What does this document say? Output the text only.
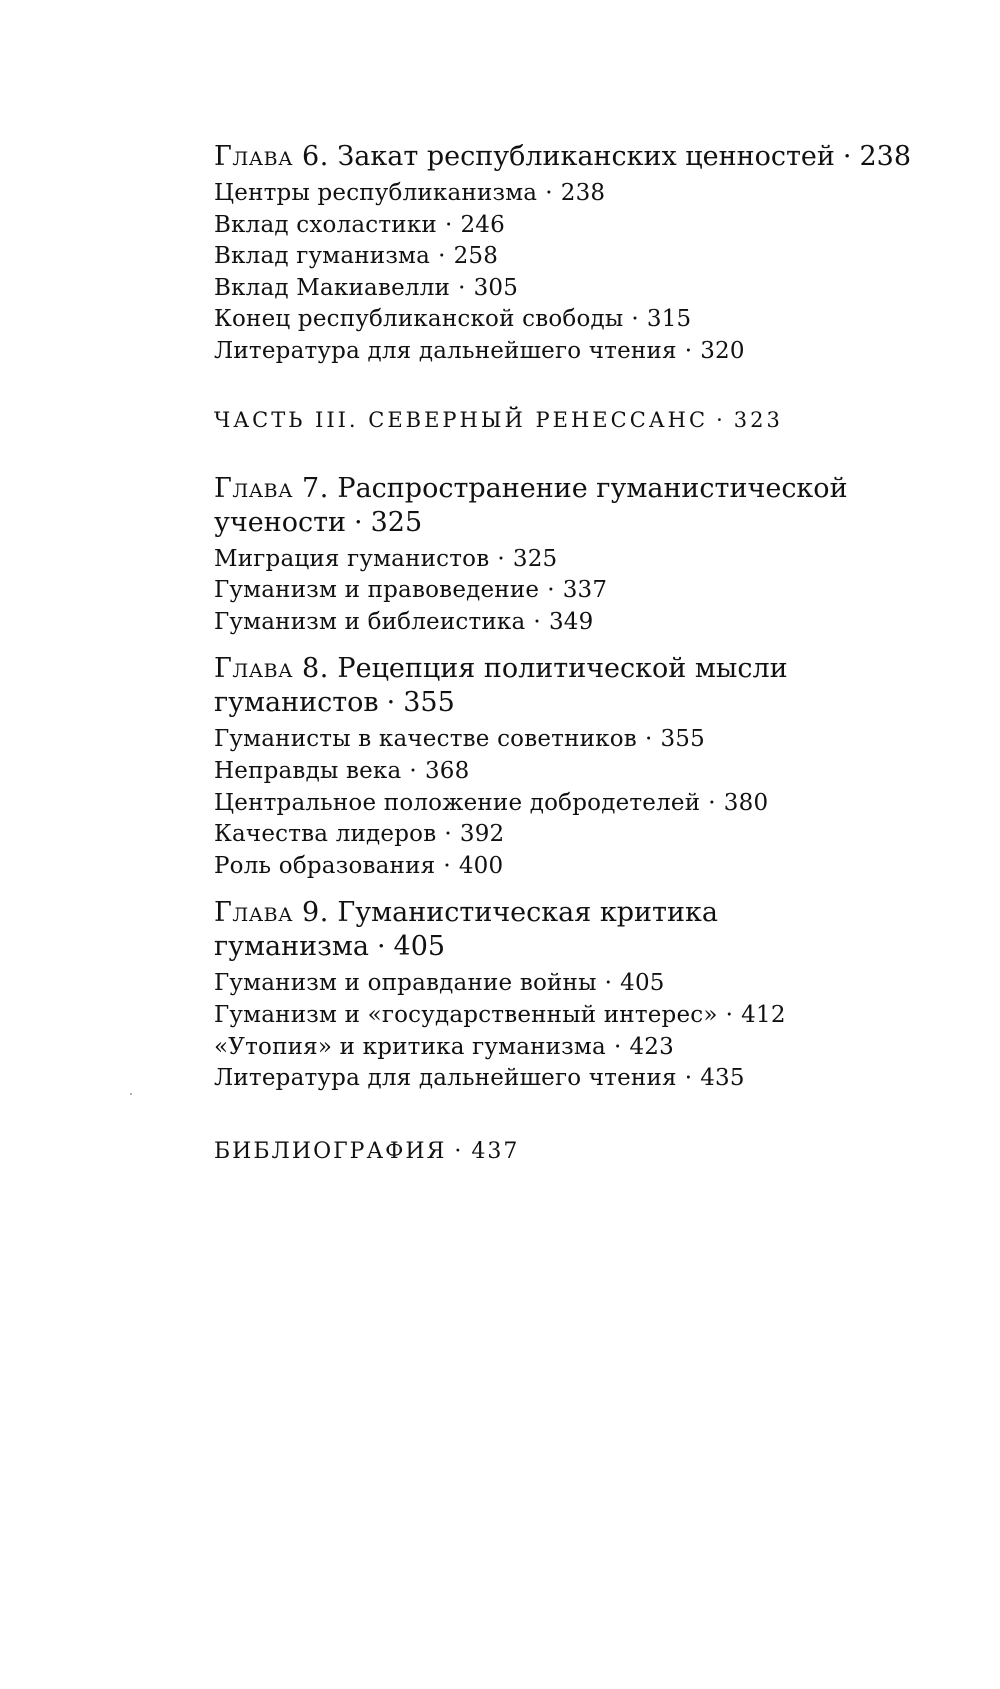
Глава 6. Закат республиканских ценностей · 238
Центры республиканизма · 238
Вклад схоластики · 246
Вклад гуманизма · 258
Вклад Макиавелли · 305
Конец республиканской свободы · 315
Литература для дальнейшего чтения · 320
ЧАСТЬ III. СЕВЕРНЫЙ РЕНЕССАНС · 323
Глава 7. Распространение гуманистической
учености · 325
Миграция гуманистов · 325
Гуманизм и правоведение · 337
Гуманизм и библеистика · 349
Глава 8. Рецепция политической мысли
гуманистов · 355
Гуманисты в качестве советников · 355
Неправды века · 368
Центральное положение добродетелей · 380
Качества лидеров · 392
Роль образования · 400
Глава 9. Гуманистическая критика
гуманизма · 405
Гуманизм и оправдание войны · 405
Гуманизм и «государственный интерес» · 412
«Утопия» и критика гуманизма · 423
Литература для дальнейшего чтения · 435
БИБЛИОГРАФИЯ · 437
